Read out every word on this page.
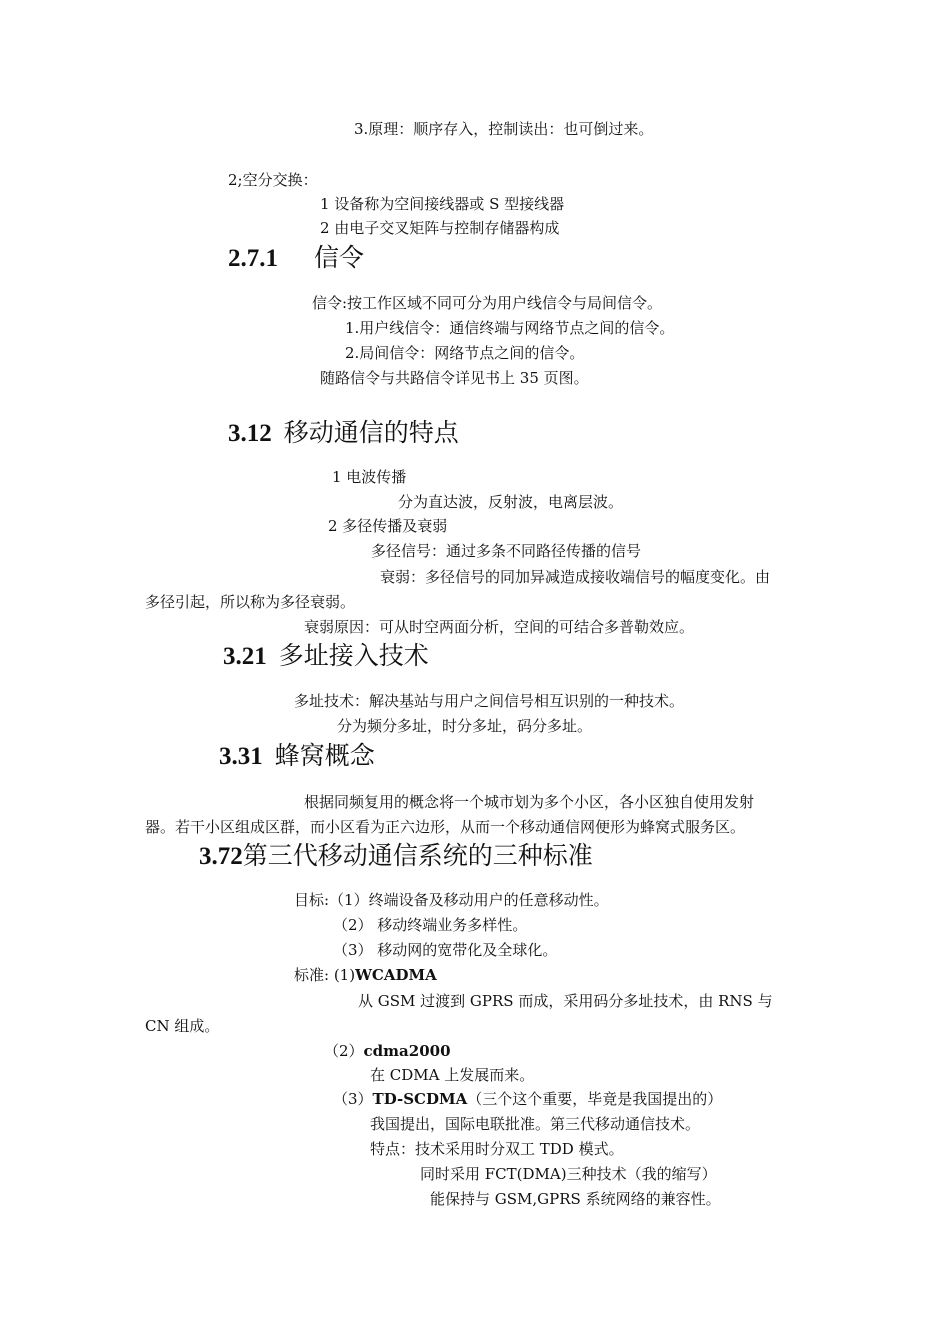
3.原理：顺序存入，控制读出：也可倒过来。
2;空分交换：
1 设备称为空间接线器或 S 型接线器
2 由电子交叉矩阵与控制存储器构成
2.7.1 信令
信令:按工作区域不同可分为用户线信令与局间信令。
1.用户线信令：通信终端与网络节点之间的信令。
2.局间信令：网络节点之间的信令。
随路信令与共路信令详见书上 35 页图。
3.12 移动通信的特点
1 电波传播
分为直达波，反射波，电离层波。
2 多径传播及衰弱
多径信号：通过多条不同路径传播的信号
衰弱：多径信号的同加异减造成接收端信号的幅度变化。由
多径引起，所以称为多径衰弱。
衰弱原因：可从时空两面分析，空间的可结合多普勒效应。
3.21 多址接入技术
多址技术：解决基站与用户之间信号相互识别的一种技术。
分为频分多址，时分多址，码分多址。
3.31 蜂窝概念
根据同频复用的概念将一个城市划为多个小区，各小区独自使用发射
器。若干小区组成区群，而小区看为正六边形，从而一个移动通信网便形为蜂窝式服务区。
3.72第三代移动通信系统的三种标准
目标:（1）终端设备及移动用户的任意移动性。
（2） 移动终端业务多样性。
（3） 移动网的宽带化及全球化。
标准: (1)WCADMA
从 GSM 过渡到 GPRS 而成，采用码分多址技术，由 RNS 与
CN 组成。
（2）cdma2000
在 CDMA 上发展而来。
（3）TD-SCDMA（三个这个重要，毕竟是我国提出的）
我国提出，国际电联批准。第三代移动通信技术。
特点：技术采用时分双工 TDD 模式。
同时采用 FCT(DMA)三种技术（我的缩写）
能保持与 GSM,GPRS 系统网络的兼容性。
